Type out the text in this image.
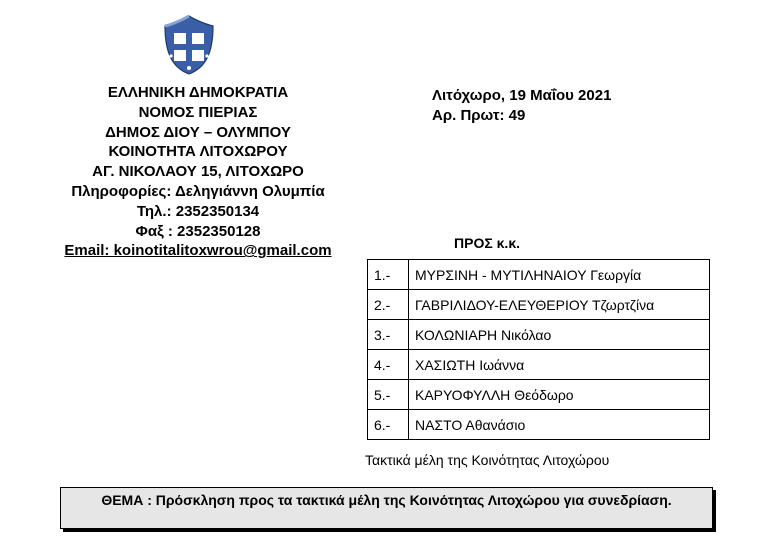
ΕΛΛΗΝΙΚΗ ΔΗΜΟΚΡΑΤΙΑ
ΝΟΜΟΣ ΠΙΕΡΙΑΣ
ΔΗΜΟΣ ΔΙΟΥ – ΟΛΥΜΠΟΥ
ΚΟΙΝΟΤΗΤΑ ΛΙΤΟΧΩΡΟΥ
ΑΓ. ΝΙΚΟΛΑΟΥ 15, ΛΙΤΟΧΩΡΟ
Πληροφορίες: Δεληγιάννη Ολυμπία
Τηλ.: 2352350134
Φαξ : 2352350128
Email: koinotitalitoxwrou@gmail.com
Λιτόχωρο, 19 Μαΐου 2021
Αρ. Πρωτ: 49
ΠΡΟΣ κ.κ.
1.-	ΜΥΡΣΙΝΗ - ΜΥΤΙΛΗΝΑΙΟΥ Γεωργία
2.-	ΓΑΒΡΙΛΙΔΟΥ-ΕΛΕΥΘΕΡΙΟΥ Τζωρτζίνα
3.-	ΚΟΛΩΝΙΑΡΗ Νικόλαο
4.-	ΧΑΣΙΩΤΗ Ιωάννα
5.-	ΚΑΡΥΟΦΥΛΛΗ Θεόδωρο
6.-	ΝΑΣΤΟ Αθανάσιο
Τακτικά μέλη της Κοινότητας Λιτοχώρου
ΘΕΜΑ : Πρόσκληση προς τα τακτικά μέλη της Κοινότητας Λιτοχώρου για συνεδρίαση.
